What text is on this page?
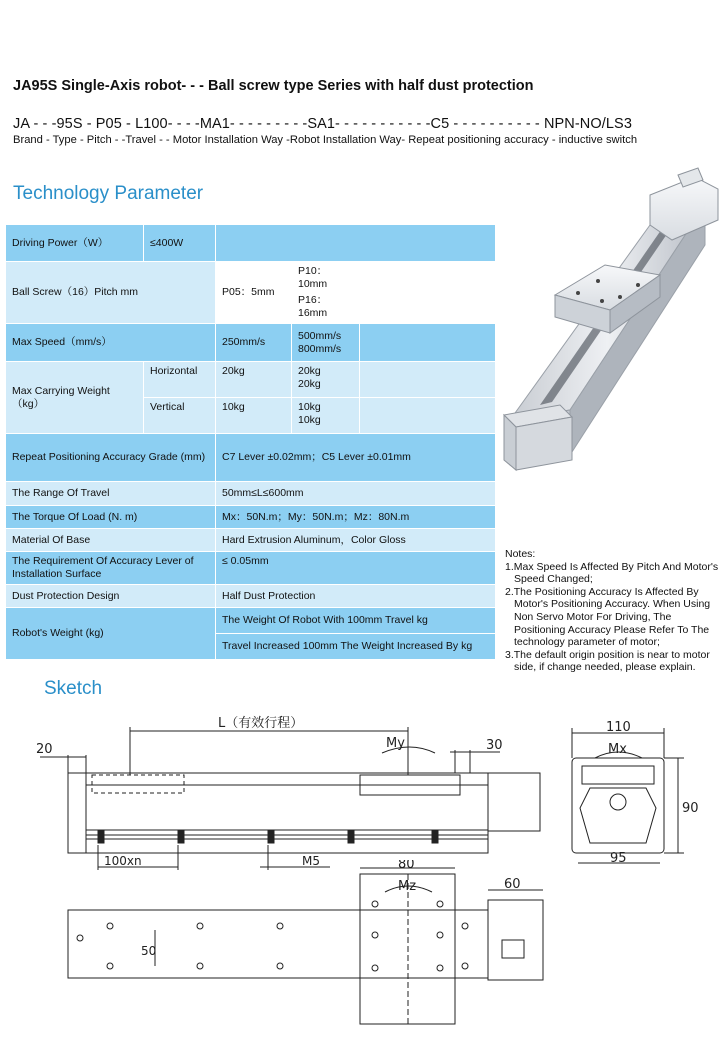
JA95S Single-Axis robot- - - Ball screw type Series with half dust protection
JA - - -95S - P05 - L100- - - -MA1- - - - - - - - -SA1- - - - - - - - - - -C5 - - - - - - - - - - NPN-NO/LS3
Brand - Type - Pitch - -Travel - - Motor Installation Way -Robot Installation Way- Repeat positioning accuracy - inductive switch
Technology Parameter
Driving Power（W）	≤400W			
Ball Screw（16）Pitch mm		P05：5mm	P10：10mm
P16：16mm	

Max Speed（mm/s）		250mm/s	500mm/s
800mm/s	

Max Carrying Weight （kg）	Horizontal	20kg	20kg
20kg	

	Vertical	10kg	10kg
10kg	

Repeat Positioning Accuracy Grade (mm)		C7 Lever ±0.02mm；C5 Lever ±0.01mm		
The Range Of Travel		50mm≤L≤600mm		
The Torque Of Load (N. m)		Mx：50N.m；My：50N.m；Mz：80N.m		
Material Of Base		Hard Extrusion Aluminum，Color Gloss		
The Requirement Of Accuracy Lever of Installation Surface		≤ 0.05mm		
Dust Protection Design		Half Dust Protection		
Robot's Weight (kg)		The Weight Of Robot With 100mm Travel kg		
		Travel Increased 100mm The Weight Increased By kg		

Notes:

1.Max Speed Is Affected By Pitch And Motor's Speed Changed;

2.The Positioning Accuracy Is Affected By Motor's Positioning Accuracy. When Using Non Servo Motor For Driving, The Positioning Accuracy Please Refer To The technology parameter of motor;

3.The default origin position is near to motor side, if change needed, please explain.

Sketch
L（有效行程）
My
20	30
100xn	M5
110
Mx
90
95
80
Mz	60
50
